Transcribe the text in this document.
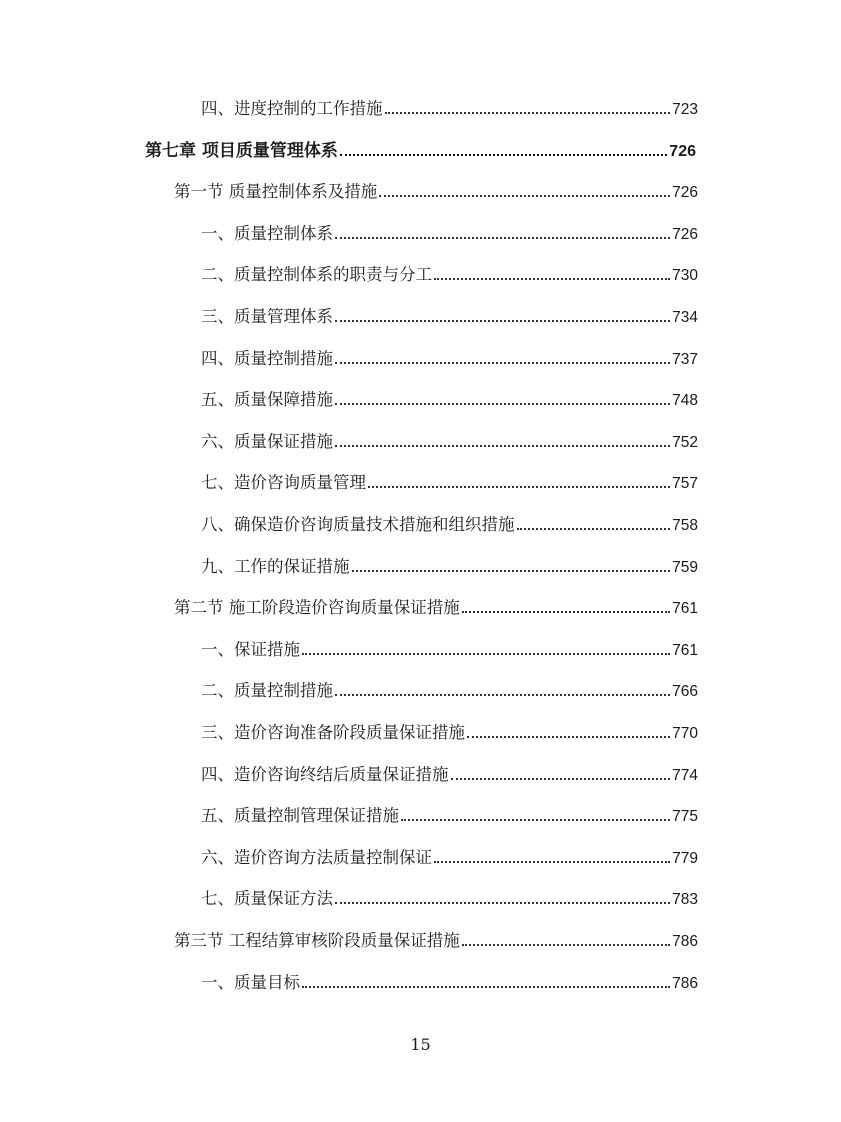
四、进度控制的工作措施	723
第七章 项目质量管理体系	726
第一节 质量控制体系及措施	726
一、质量控制体系	726
二、质量控制体系的职责与分工	730
三、质量管理体系	734
四、质量控制措施	737
五、质量保障措施	748
六、质量保证措施	752
七、造价咨询质量管理	757
八、确保造价咨询质量技术措施和组织措施	758
九、工作的保证措施	759
第二节 施工阶段造价咨询质量保证措施	761
一、保证措施	761
二、质量控制措施	766
三、造价咨询准备阶段质量保证措施	770
四、造价咨询终结后质量保证措施	774
五、质量控制管理保证措施	775
六、造价咨询方法质量控制保证	779
七、质量保证方法	783
第三节 工程结算审核阶段质量保证措施	786
一、质量目标	786
15
